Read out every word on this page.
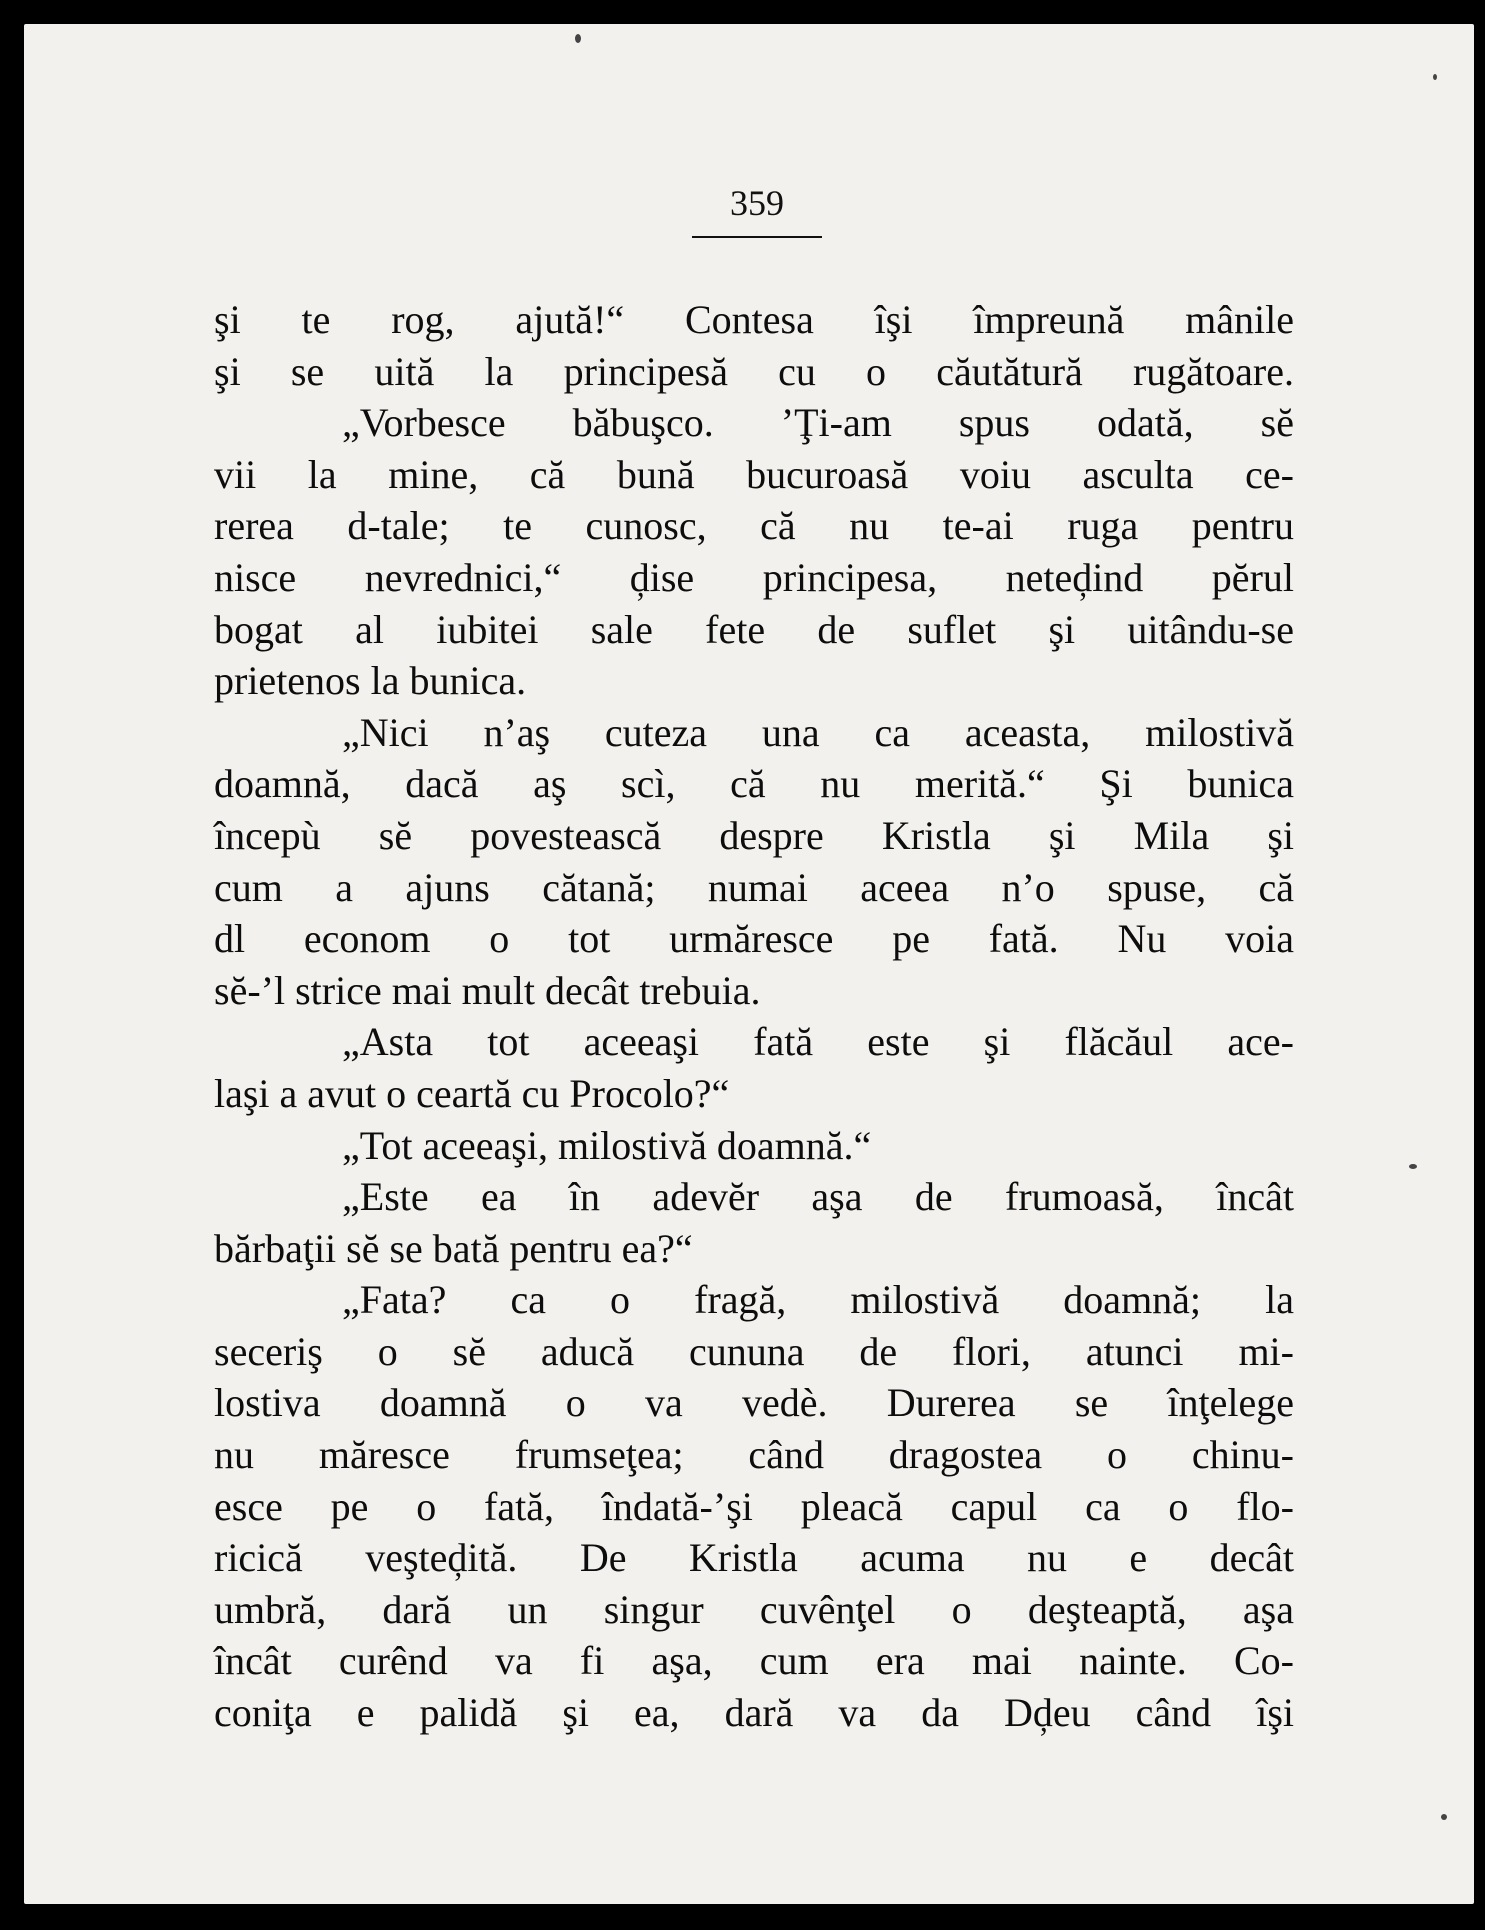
359
şi te rog, ajută!“ Contesa îşi împreună mânile
şi se uită la principesă cu o căutătură rugătoare.
„Vorbesce băbuşco. ’Ţi-am spus odată, sĕ
vii la mine, că bună bucuroasă voiu asculta ce-
rerea d-tale; te cunosc, că nu te-ai ruga pentru
nisce nevrednici,“ ḑise principesa, neteḑind pĕrul
bogat al iubitei sale fete de suflet şi uitându-se
prietenos la bunica.
„Nici n’aş cuteza una ca aceasta, milostivă
doamnă, dacă aş scì, că nu merită.“ Şi bunica
începù sĕ povestească despre Kristla şi Mila şi
cum a ajuns cătană; numai aceea n’o spuse, că
dl econom o tot urmăresce pe fată. Nu voia
sĕ-’l strice mai mult decât trebuia.
„Asta tot aceeaşi fată este şi flăcăul ace-
laşi a avut o ceartă cu Procolo?“
„Tot aceeaşi, milostivă doamnă.“
„Este ea în adevĕr aşa de frumoasă, încât
bărbaţii sĕ se bată pentru ea?“
„Fata? ca o fragă, milostivă doamnă; la
seceriş o sĕ aducă cununa de flori, atunci mi-
lostiva doamnă o va vedè. Durerea se înţelege
nu măresce frumseţea; când dragostea o chinu-
esce pe o fată, îndată-’şi pleacă capul ca o flo-
ricică veşteḑită. De Kristla acuma nu e decât
umbră, dară un singur cuvênţel o deşteaptă, aşa
încât curênd va fi aşa, cum era mai nainte. Co-
coniţa e palidă şi ea, dară va da Dḑeu când îşi
